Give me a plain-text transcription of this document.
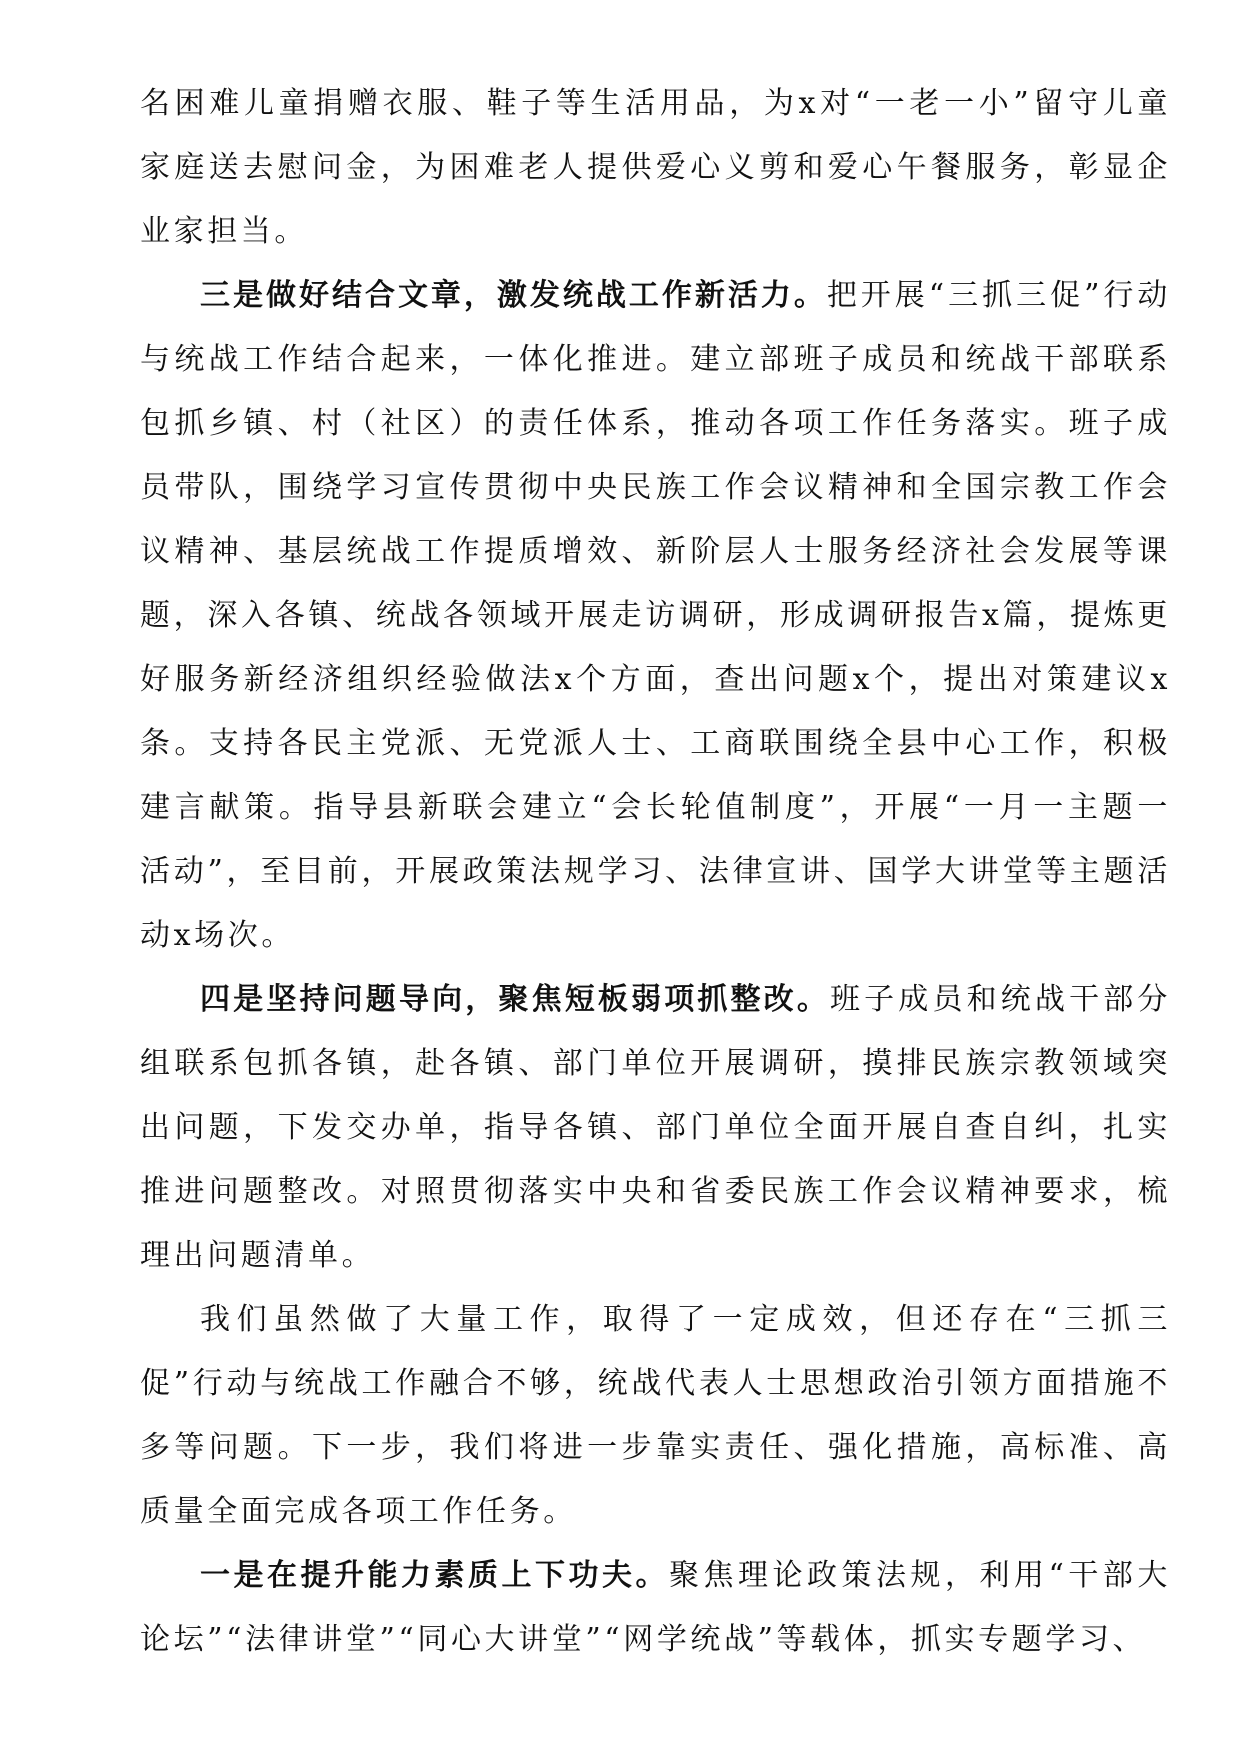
名困难儿童捐赠衣服、鞋子等生活用品，为x对“一老一小”留守儿童家庭送去慰问金，为困难老人提供爱心义剪和爱心午餐服务，彰显企业家担当。

三是做好结合文章，激发统战工作新活力。把开展“三抓三促”行动与统战工作结合起来，一体化推进。建立部班子成员和统战干部联系包抓乡镇、村（社区）的责任体系，推动各项工作任务落实。班子成员带队，围绕学习宣传贯彻中央民族工作会议精神和全国宗教工作会议精神、基层统战工作提质增效、新阶层人士服务经济社会发展等课题，深入各镇、统战各领域开展走访调研，形成调研报告x篇，提炼更好服务新经济组织经验做法x个方面，查出问题x个，提出对策建议x条。支持各民主党派、无党派人士、工商联围绕全县中心工作，积极建言献策。指导县新联会建立“会长轮值制度”，开展“一月一主题一活动”，至目前，开展政策法规学习、法律宣讲、国学大讲堂等主题活动x场次。

四是坚持问题导向，聚焦短板弱项抓整改。班子成员和统战干部分组联系包抓各镇，赴各镇、部门单位开展调研，摸排民族宗教领域突出问题，下发交办单，指导各镇、部门单位全面开展自查自纠，扎实推进问题整改。对照贯彻落实中央和省委民族工作会议精神要求，梳理出问题清单。

我们虽然做了大量工作，取得了一定成效，但还存在“三抓三促”行动与统战工作融合不够，统战代表人士思想政治引领方面措施不多等问题。下一步，我们将进一步靠实责任、强化措施，高标准、高质量全面完成各项工作任务。

一是在提升能力素质上下功夫。聚焦理论政策法规，利用“干部大论坛”“法律讲堂”“同心大讲堂”“网学统战”等载体，抓实专题学习、
